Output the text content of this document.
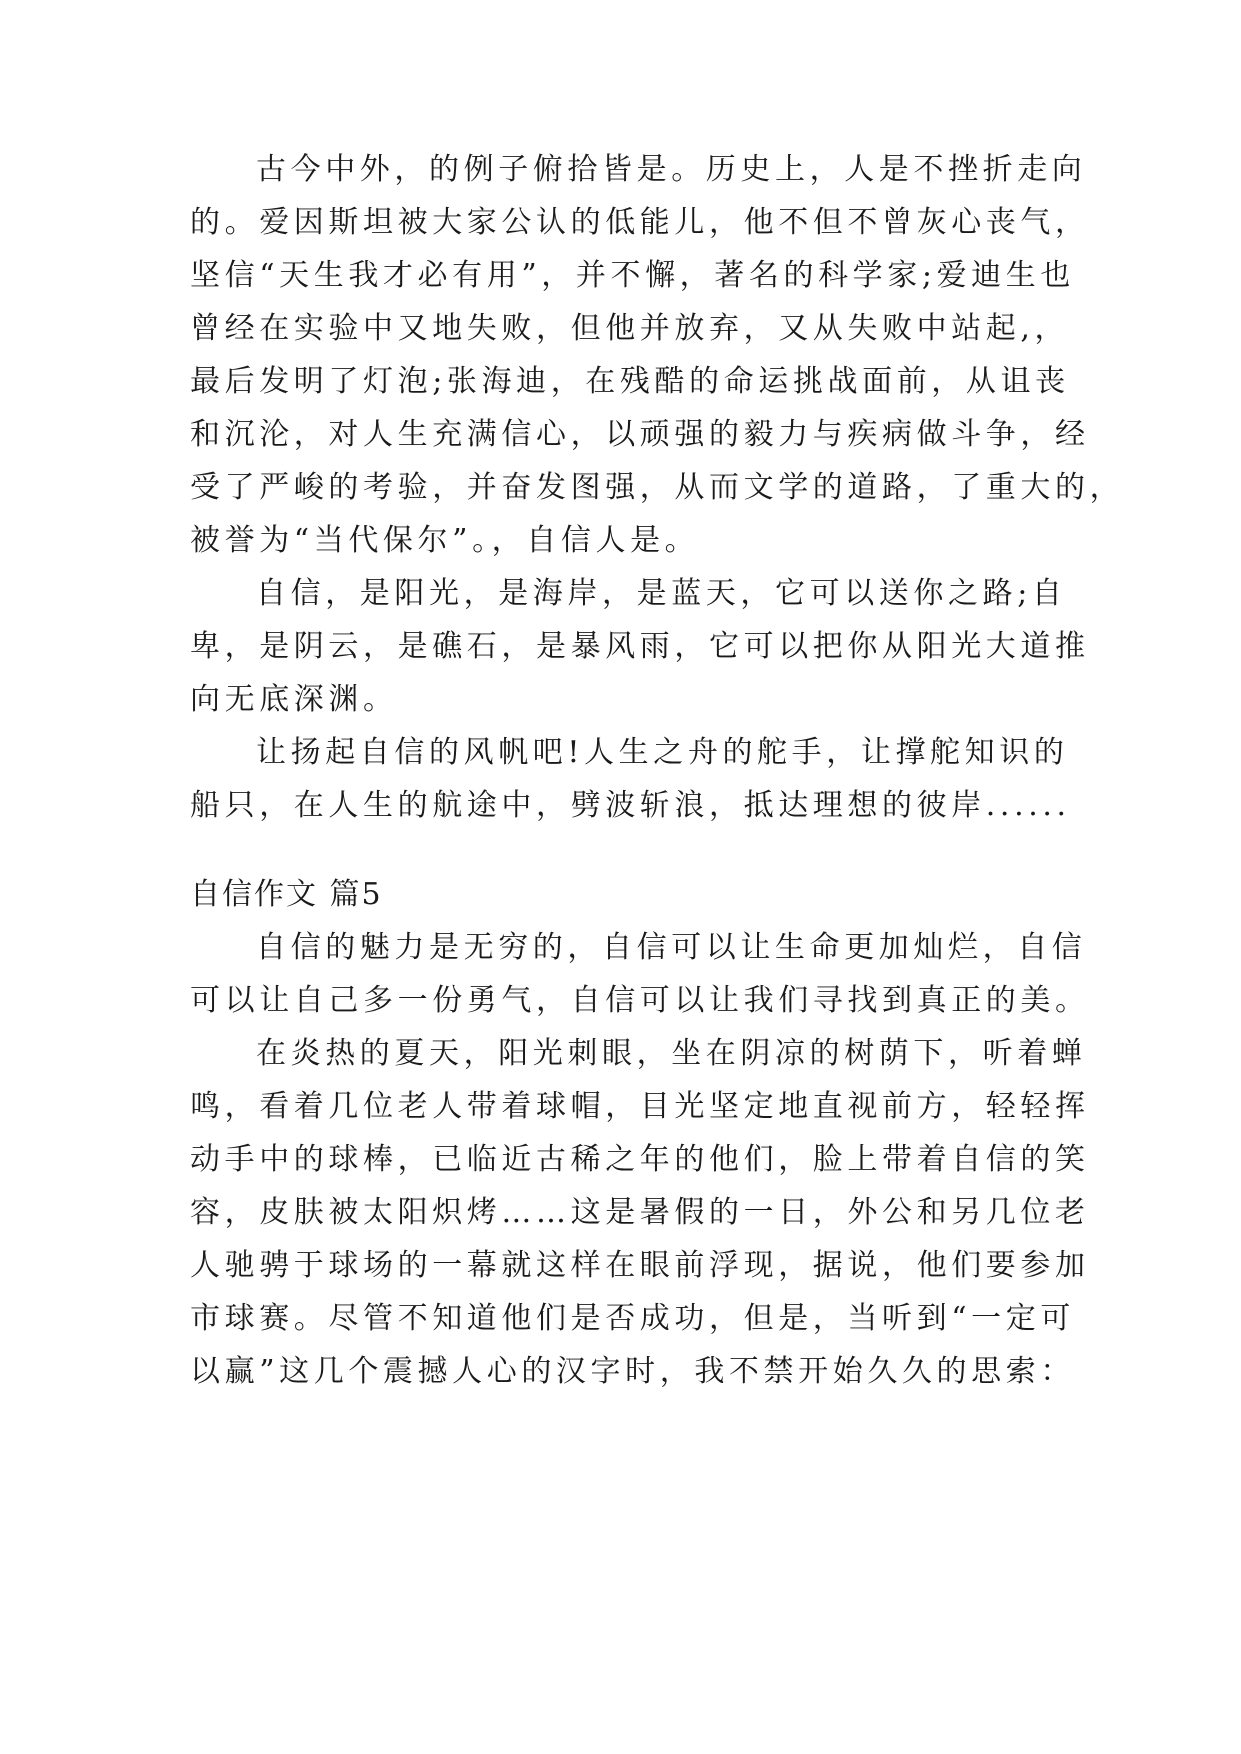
古今中外，的例子俯拾皆是。历史上，人是不挫折走向
的。爱因斯坦被大家公认的低能儿，他不但不曾灰心丧气，
坚信“天生我才必有用”，并不懈，著名的科学家;爱迪生也
曾经在实验中又地失败，但他并放弃，又从失败中站起,，
最后发明了灯泡;张海迪，在残酷的命运挑战面前，从诅丧
和沉沦，对人生充满信心，以顽强的毅力与疾病做斗争，经
受了严峻的考验，并奋发图强，从而文学的道路，了重大的，
被誉为“当代保尔”。，自信人是。
自信，是阳光，是海岸，是蓝天，它可以送你之路;自
卑，是阴云，是礁石，是暴风雨，它可以把你从阳光大道推
向无底深渊。
让扬起自信的风帆吧!人生之舟的舵手，让撑舵知识的
船只，在人生的航途中，劈波斩浪，抵达理想的彼岸......
自信作文 篇5
自信的魅力是无穷的，自信可以让生命更加灿烂，自信
可以让自己多一份勇气，自信可以让我们寻找到真正的美。
在炎热的夏天，阳光刺眼，坐在阴凉的树荫下，听着蝉
鸣，看着几位老人带着球帽，目光坚定地直视前方，轻轻挥
动手中的球棒，已临近古稀之年的他们，脸上带着自信的笑
容，皮肤被太阳炽烤……这是暑假的一日，外公和另几位老
人驰骋于球场的一幕就这样在眼前浮现，据说，他们要参加
市球赛。尽管不知道他们是否成功，但是，当听到“一定可
以赢”这几个震撼人心的汉字时，我不禁开始久久的思索：
